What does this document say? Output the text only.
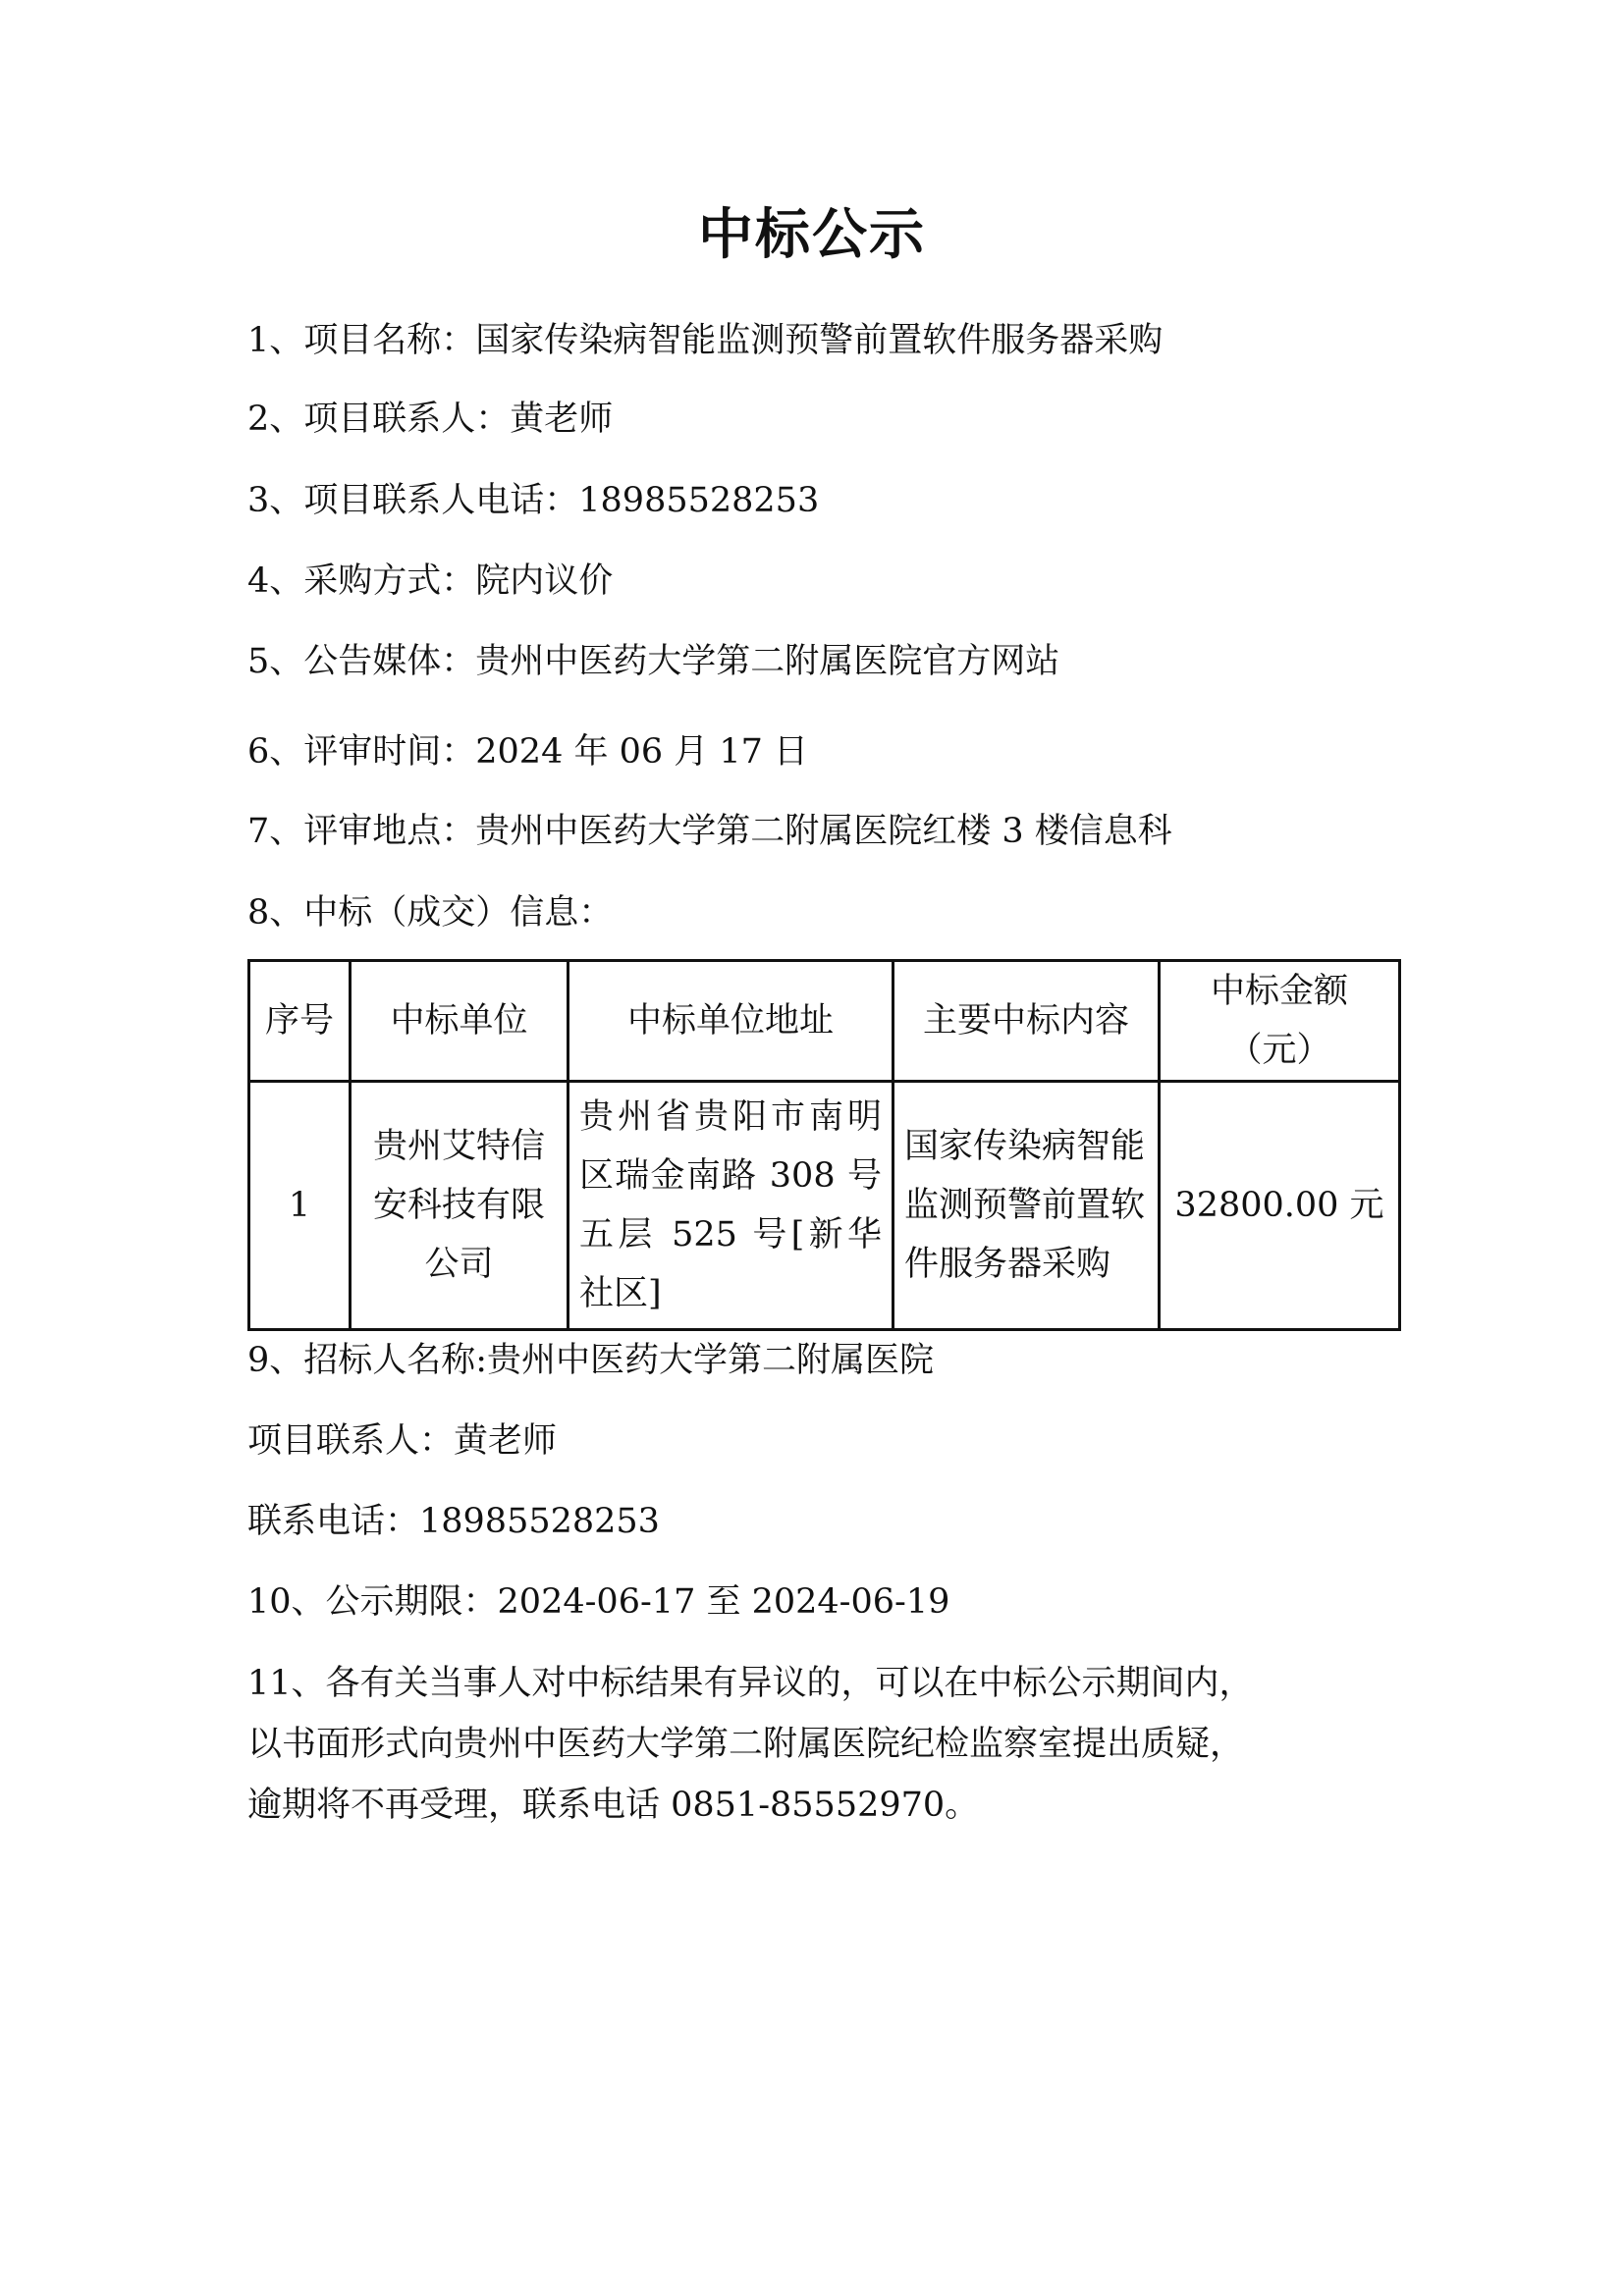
中标公示
1、项目名称：国家传染病智能监测预警前置软件服务器采购
2、项目联系人：黄老师
3、项目联系人电话：18985528253
4、采购方式：院内议价
5、公告媒体：贵州中医药大学第二附属医院官方网站
6、评审时间：2024 年 06 月 17 日
7、评审地点：贵州中医药大学第二附属医院红楼 3 楼信息科
8、中标（成交）信息：
序号	中标单位	中标单位地址	主要中标内容	中标金额（元）
1	贵州艾特信安科技有限公司	贵州省贵阳市南明区瑞金南路 308 号五层 525 号[新华社区]	国家传染病智能监测预警前置软件服务器采购	32800.00 元
9、招标人名称:贵州中医药大学第二附属医院
项目联系人：黄老师
联系电话：18985528253
10、公示期限：2024-06-17 至 2024-06-19
11、各有关当事人对中标结果有异议的，可以在中标公示期间内，
以书面形式向贵州中医药大学第二附属医院纪检监察室提出质疑，
逾期将不再受理，联系电话 0851-85552970。
